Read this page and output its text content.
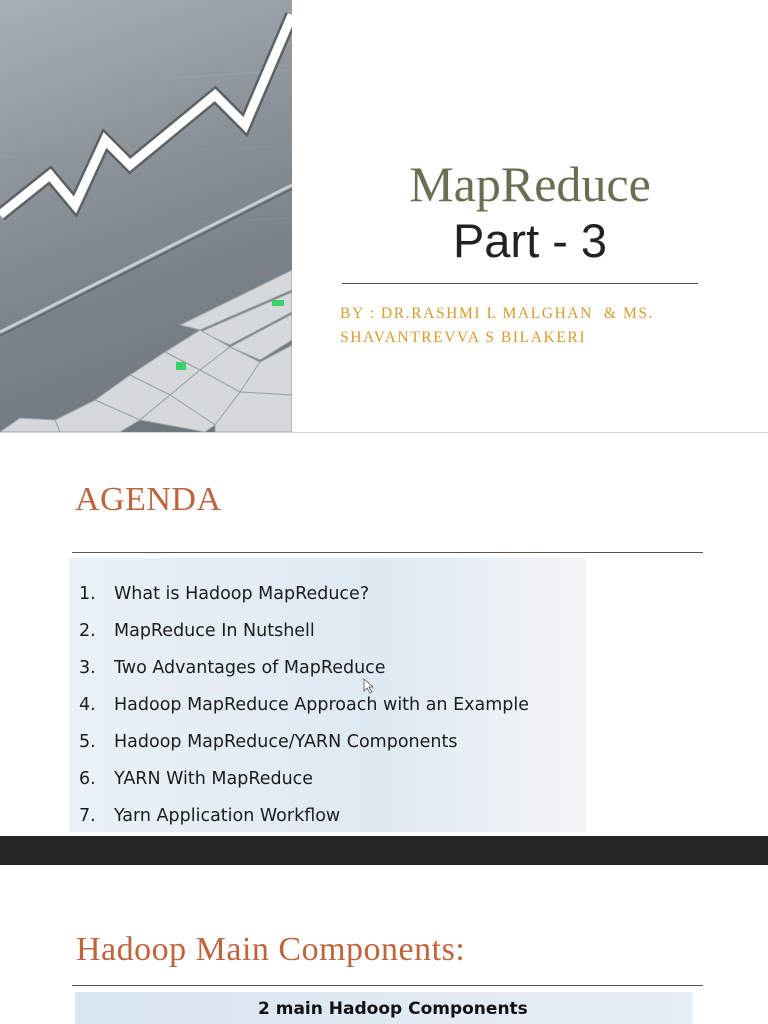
MapReduce
Part - 3
BY : DR.RASHMI L MALGHAN  & MS.
SHAVANTREVVA S BILAKERI
AGENDA
1. What is Hadoop MapReduce?
2. MapReduce In Nutshell
3. Two Advantages of MapReduce
4. Hadoop MapReduce Approach with an Example
5. Hadoop MapReduce/YARN Components
6. YARN With MapReduce
7. Yarn Application Workflow
Hadoop Main Components:
2 main Hadoop Components
